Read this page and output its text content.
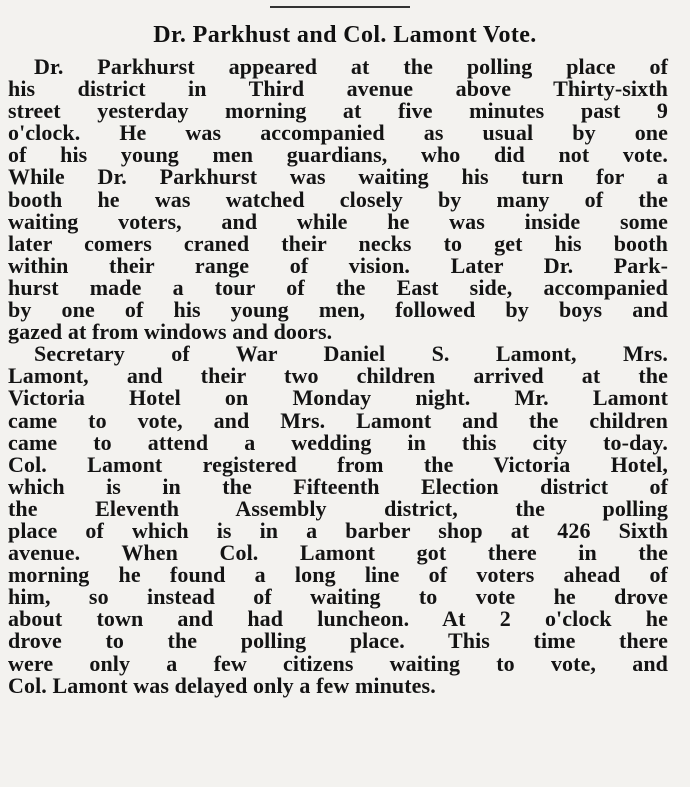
Dr. Parkhust and Col. Lamont Vote.
Dr. Parkhurst appeared at the polling place of
his district in Third avenue above Thirty-sixth
street yesterday morning at five minutes past 9
o'clock. He was accompanied as usual by one
of his young men guardians, who did not vote.
While Dr. Parkhurst was waiting his turn for a
booth he was watched closely by many of the
waiting voters, and while he was inside some
later comers craned their necks to get his booth
within their range of vision. Later Dr. Park-
hurst made a tour of the East side, accompanied
by one of his young men, followed by boys and
gazed at from windows and doors.
Secretary of War Daniel S. Lamont, Mrs.
Lamont, and their two children arrived at the
Victoria Hotel on Monday night. Mr. Lamont
came to vote, and Mrs. Lamont and the children
came to attend a wedding in this city to-day.
Col. Lamont registered from the Victoria Hotel,
which is in the Fifteenth Election district of
the Eleventh Assembly district, the polling
place of which is in a barber shop at 426 Sixth
avenue. When Col. Lamont got there in the
morning he found a long line of voters ahead of
him, so instead of waiting to vote he drove
about town and had luncheon. At 2 o'clock he
drove to the polling place. This time there
were only a few citizens waiting to vote, and
Col. Lamont was delayed only a few minutes.
